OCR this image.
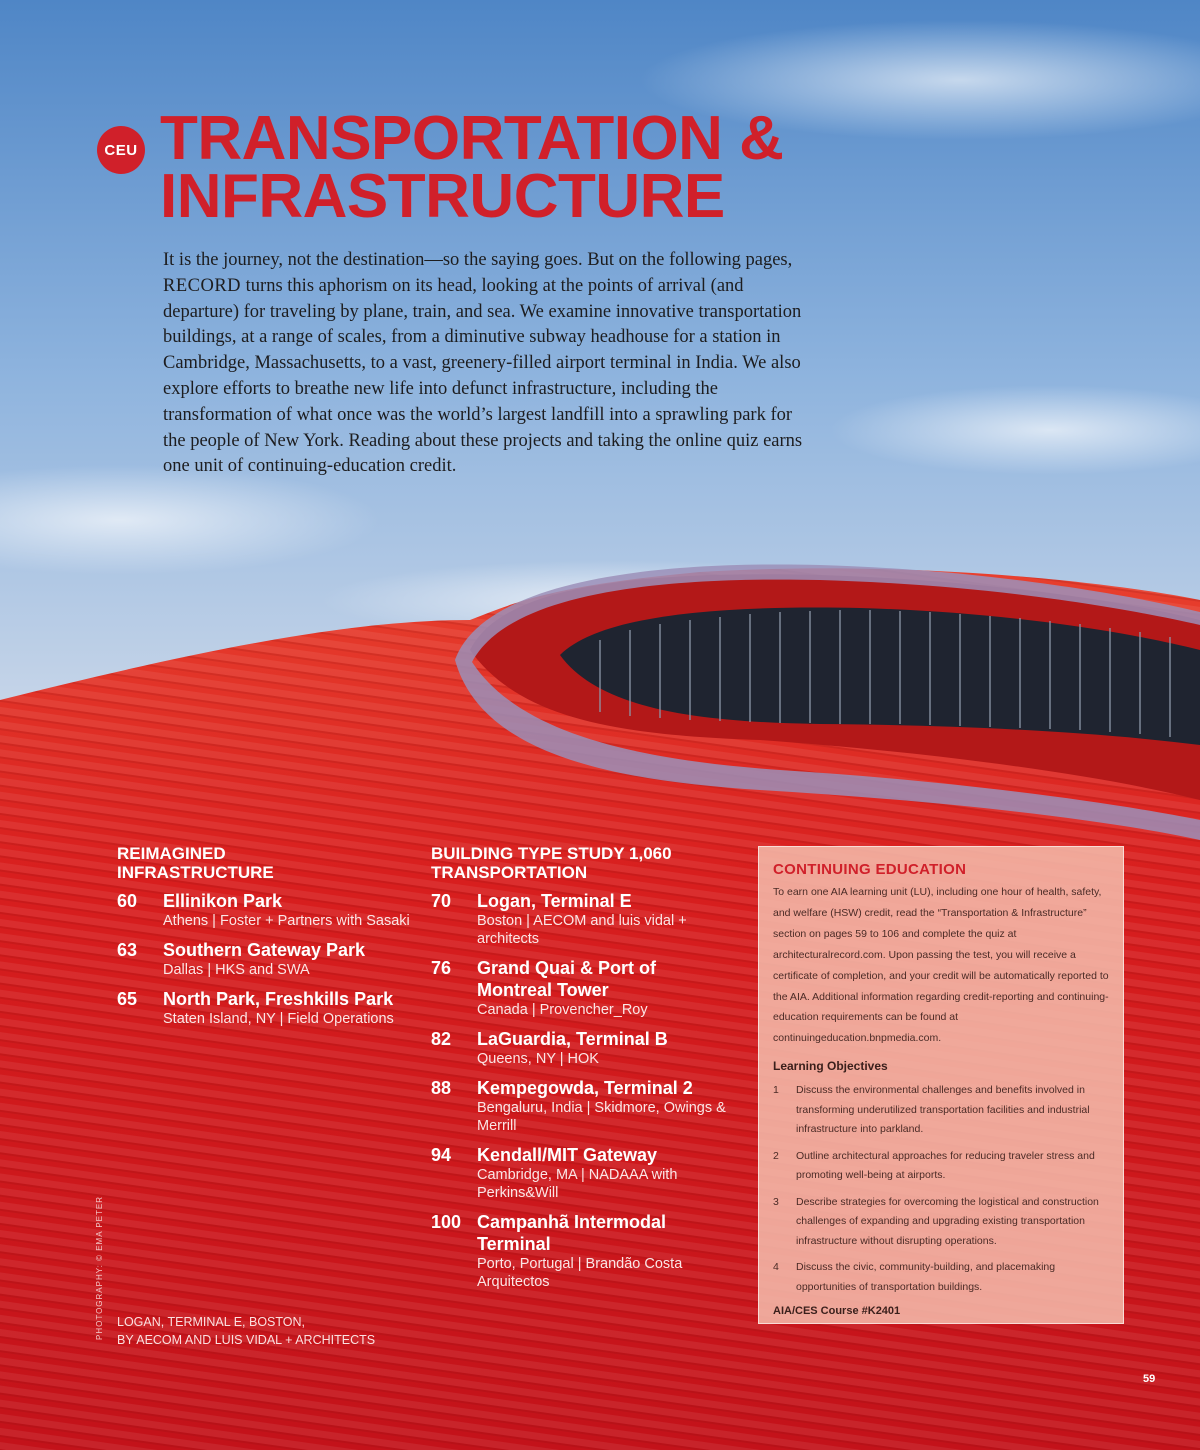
CEU TRANSPORTATION &
INFRASTRUCTURE

It is the journey, not the destination—so the saying goes. But on the following pages, RECORD turns this aphorism on its head, looking at the points of arrival (and departure) for traveling by plane, train, and sea. We examine innovative transportation buildings, at a range of scales, from a diminutive subway headhouse for a station in Cambridge, Massachusetts, to a vast, greenery-filled airport terminal in India. We also explore efforts to breathe new life into defunct infrastructure, including the transformation of what once was the world’s largest landfill into a sprawling park for the people of New York. Reading about these projects and taking the online quiz earns one unit of continuing-education credit.

REIMAGINED
INFRASTRUCTURE
60	Ellinikon Park
Athens | Foster + Partners with Sasaki
63	Southern Gateway Park
Dallas | HKS and SWA
65	North Park, Freshkills Park
Staten Island, NY | Field Operations
BUILDING TYPE STUDY 1,060
TRANSPORTATION
70	Logan, Terminal E
Boston | AECOM and luis vidal + architects
76	Grand Quai & Port of Montreal Tower
Canada | Provencher_Roy
82	LaGuardia, Terminal B
Queens, NY | HOK
88	Kempegowda, Terminal 2
Bengaluru, India | Skidmore, Owings & Merrill
94	Kendall/MIT Gateway
Cambridge, MA | NADAAA with Perkins&Will
100 Campanhã Intermodal Terminal
Porto, Portugal | Brandão Costa Arquitectos
CONTINUING EDUCATION

To earn one AIA learning unit (LU), including one hour of health, safety, and welfare (HSW) credit, read the “Transportation & Infrastructure” section on pages 59 to 106 and complete the quiz at architecturalrecord.com. Upon passing the test, you will receive a certificate of completion, and your credit will be automatically reported to the AIA. Additional information regarding credit-reporting and continuing-education requirements can be found at continuingeducation.bnpmedia.com.

Learning Objectives
1	Discuss the environmental challenges and benefits involved in transforming underutilized transportation facilities and industrial infrastructure into parkland.
2	Outline architectural approaches for reducing traveler stress and promoting well-being at airports.
3	Describe strategies for overcoming the logistical and construction challenges of expanding and upgrading existing transportation infrastructure without disrupting operations.
4	Discuss the civic, community-building, and placemaking opportunities of transportation buildings.

AIA/CES Course #K2401

PHOTOGRAPHY: © EMA PETER LOGAN, TERMINAL E, BOSTON,
BY AECOM AND LUIS VIDAL + ARCHITECTS
59
